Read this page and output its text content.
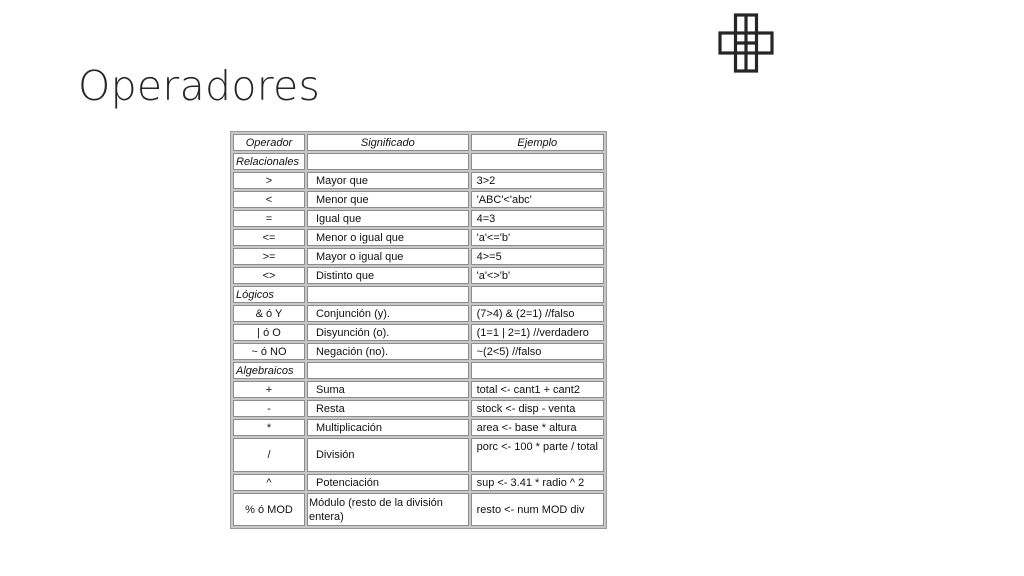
Operadores
Operador	Significado	Ejemplo
Relacionales		
>	Mayor que	3>2
<	Menor que	'ABC'<'abc'
=	Igual que	4=3
<=	Menor o igual que	'a'<='b'
>=	Mayor o igual que	4>=5
<>	Distinto que	'a'<>'b'
Lógicos		
& ó Y	Conjunción (y).	(7>4) & (2=1) //falso
| ó O	Disyunción (o).	(1=1 | 2=1) //verdadero
~ ó NO	Negación (no).	~(2<5) //falso
Algebraicos		
+	Suma	total <- cant1 + cant2
-	Resta	stock <- disp - venta
*	Multiplicación	area <- base * altura
/	División	porc <- 100 * parte / total
^	Potenciación	sup <- 3.41 * radio ^ 2
% ó MOD	Módulo (resto de la división entera)	resto <- num MOD div
